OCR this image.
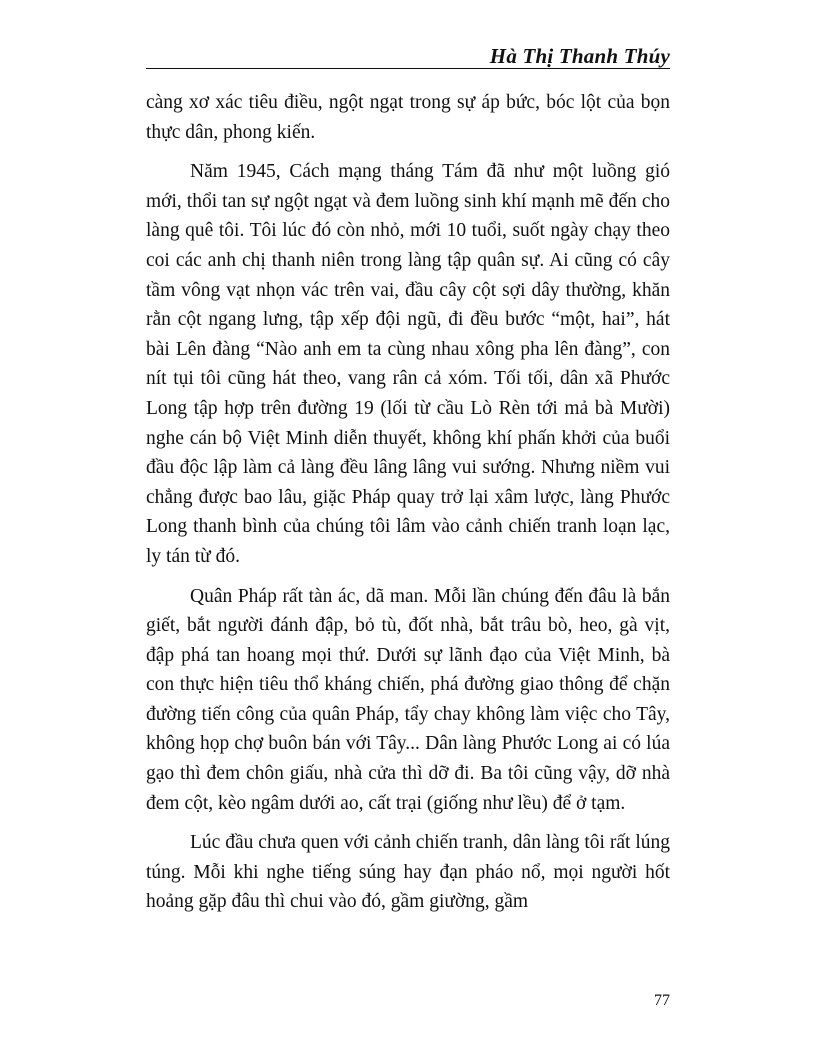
Hà Thị Thanh Thúy

càng xơ xác tiêu điều, ngột ngạt trong sự áp bức, bóc lột của bọn thực dân, phong kiến.

Năm 1945, Cách mạng tháng Tám đã như một luồng gió mới, thổi tan sự ngột ngạt và đem luồng sinh khí mạnh mẽ đến cho làng quê tôi. Tôi lúc đó còn nhỏ, mới 10 tuổi, suốt ngày chạy theo coi các anh chị thanh niên trong làng tập quân sự. Ai cũng có cây tầm vông vạt nhọn vác trên vai, đầu cây cột sợi dây thường, khăn rằn cột ngang lưng, tập xếp đội ngũ, đi đều bước “một, hai”, hát bài Lên đàng “Nào anh em ta cùng nhau xông pha lên đàng”, con nít tụi tôi cũng hát theo, vang rân cả xóm. Tối tối, dân xã Phước Long tập hợp trên đường 19 (lối từ cầu Lò Rèn tới mả bà Mười) nghe cán bộ Việt Minh diễn thuyết, không khí phấn khởi của buổi đầu độc lập làm cả làng đều lâng lâng vui sướng. Nhưng niềm vui chẳng được bao lâu, giặc Pháp quay trở lại xâm lược, làng Phước Long thanh bình của chúng tôi lâm vào cảnh chiến tranh loạn lạc, ly tán từ đó.

Quân Pháp rất tàn ác, dã man. Mỗi lần chúng đến đâu là bắn giết, bắt người đánh đập, bỏ tù, đốt nhà, bắt trâu bò, heo, gà vịt, đập phá tan hoang mọi thứ. Dưới sự lãnh đạo của Việt Minh, bà con thực hiện tiêu thổ kháng chiến, phá đường giao thông để chặn đường tiến công của quân Pháp, tẩy chay không làm việc cho Tây, không họp chợ buôn bán với Tây... Dân làng Phước Long ai có lúa gạo thì đem chôn giấu, nhà cửa thì dỡ đi. Ba tôi cũng vậy, dỡ nhà đem cột, kèo ngâm dưới ao, cất trại (giống như lều) để ở tạm.

Lúc đầu chưa quen với cảnh chiến tranh, dân làng tôi rất lúng túng. Mỗi khi nghe tiếng súng hay đạn pháo nổ, mọi người hốt hoảng gặp đâu thì chui vào đó, gầm giường, gầm

77
